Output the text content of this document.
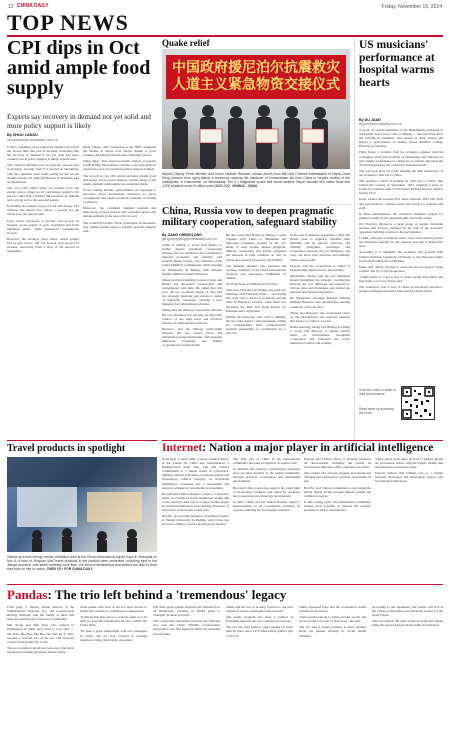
12 CHINA DAILY	Friday, November 15, 2024
TOP NEWS
CPI dips in Oct amid ample food supply
Experts say recovery in demand not yet solid and more policy support is likely
By ZHOU LANXU
zhoulanxu@chinadaily.com.cn

China's consumer prices registered negative growth in the second time this year in October, indicating that the recovery in demand is not yet solid and more countercyclical policy support is likely, experts said.

The country's inflation rose 0.3 percent year-on-year in October, slowing from 0.4 percent in September, with the consumer price index easing for the second straight month, the National Bureau of Statistics said on Wednesday.

The core CPI, which strips out volatile food and energy prices, edged up 0.2 percentage points to 0.2 percent, reflecting a limited improvement in demand and a strong end to the seasonal pattern.

Excluding the sample prices of food and energy, CPI inflation has stayed low, below 1 percent for the whole year, the bureau said.

Food prices decreased 6 percent year-on-year in October, as the supply of pork, vegetables and fruits remained ample while household consumption slowed.

However, the producer price index, which gauges factory-gate prices, fell 2.9 percent year-on-year in October, narrowing from a drop of 2.8 percent in September.

Dong Lijuan, chief statistician at the NBS, attributed the decline to ample food supply thanks to good weather and falling international commodity prices.

Wang Qing, chief macroeconomic analyst at Golden Credit Rating International, said the core price index is expected to stay low and more policy support is likely.

The growth in core CPI, which excludes volatile food and energy prices and is deemed a better gauge of the supply-demand relationship, has remained stable.

In the coming months, policymakers are expected to introduce more incremental measures to boost consumption and expand domestic demand, according to analysts.

Moreover, the continued sluggish demand and destocking pressure indicate that consumer prices will remain subdued in the near term, he said.

The Central Economic Work Conference in December may outline further steps to stabilize growth, analysts said.

Quake relief
中国政府援尼泊尔抗震救灾
人道主义紧急物资交接仪式
Nepal's Deputy Prime Minister and Home Minister Ramesh Lekhak (fourth from left) and Chinese Ambassador to Nepal Chen Song (second from right) attend a ceremony marking the handover of humanitarian aid from China to Nepal's victims of the earthquake, in Kathmandu, on Wednesday. The 5.7-magnitude quake that struck western Nepal includes 500 cotton tents and 4,000 blankets worth 5 million yuan ($686,000). XINHUA - YUAN
China, Russia vow to deepen pragmatic military cooperation, safeguard stability
By JIANG CHENGLONG
jiangchenglong@chinadaily.com.cn

China is willing to work with Russia to further deepen pragmatic cooperation between the two militaries and contribute to regional prosperity and stability, said General Zhang Youxia, vice-chairman of the Central Military Commission, while meeting on Wednesday in Beijing with Russian Defense Minister Andrei Belousov.

Zhang said the friendship between China and Russia has developed continuously and strengthened with time. He added that this year, the two countries' heads of state had two strategic meetings and reached a series of important consensus, charting a new blueprint for China-Russia relations.

Zhang said the military cooperation between the two militaries has become an important symbol of the high level and practical features of China-Russia relations.

Belousov said the military relationship between the two armed forces has maintained strong momentum, with frequent high-level exchanges and fruitful cooperation in various fields.

He also noted that Russia is willing to work together with China to implement the important consensus reached by the two heads of state, further deepen pragmatic military cooperation and jointly safeguard the interests of both countries as well as global and regional prosperity and stability.

The Russian minister also attended the opening ceremony of the China International Aviation and Aerospace Exhibition in Zhuhai.

Xu Pengcheng contributed to this story.

This year, President Xi Jinping has held two meetings with President Putin — one during Xi's state visit to Moscow in March, and the other in Beijing in October, when Putin was attending the Belt and Road Forum for International Cooperation.

During the three-day state visit to Beijing, the two sides signed a joint statement, calling for strengthening their comprehensive strategic partnership of coordination for a new era.

In the area of defense cooperation, China and Russia plan to regularly organize joint maritime and air patrols, exercises and training, strengthen exchanges and cooperation between the two militaries, and carry out more joint exercises and training, Senior experts said.

Experts said the cooperation is aimed at safeguarding regional peace and stability.

Meanwhile, Zhang said the two militaries should strengthen the strategic coordination between the two militaries and respond to various risks and challenges, and defend the international fairness and justice.

On Wednesday morning, Russian Defense Minister Belousov also attended the opening ceremony of the air show.

Zhang and Belousov also exchanged views on the international and regional situation and issues of common concern.

In that meeting, Zhang said Beijing is willing to work with Moscow to handle various kinds of uncertainties, strengthen cooperation and safeguard the world multipolar balance and stability.

US musicians' performance at hospital warms hearts
By DU JUAN
dujuan@chinadaily.com.cn

A group of veteran members of the Philadelphia Orchestra of the United States have come to Beijing — the first time since the COVID-19 pandemic, and several of them visited and played a performance at Peking Union Medical College Hospital on Tuesday.

Philip Kates, a violinist from the orchestra, together with his colleagues, visited the hospital on Wednesday and Thursday to give charity performances to bring joy to patients and reach the children inspired by the orchestra's beautiful music.

The visit took place on a date marking the 50th anniversary of the orchestra's first trip to China.

The orchestra, which is making its 13th trip to China, first visited the country in September 1973, marking a thaw in China-US relations after US President Richard Nixon's historic visit in 1972.

Kates visited the hospital five times between 2013 and 2019 and performed in common areas and wards for patients and staff.

In these performances, the orchestra's members played for patients waiting in the outpatient hall, and in the wards.

On Thursday afternoon, a large group of people, including patients and doctors, gathered in the hall of the hospital's outpatient building to listen to the performance.

Li Min, a 60-year-old patient, said it was a nice surprise to hear the musicians playing for the patients and that it helped her relax.

According to a statement, the orchestra will perform with China's National Symphony Orchestra at the National Centre for the Performing Arts in Beijing.

Kates said, 'Music belongs to everyone and we hope to bring comfort and joy to the people here.'

'I think music is a good way to make people feel better and help them to recover,' Kates said.

The orchestra's visit is part of efforts to encourage people-to-people exchanges between China and the United States.

Scan the code to listen to their performance
Read more by scanning the code
Travel products in spotlight
Visitors at a new-energy vehicle exhibition area at the China International Import Expo in Shanghai on Nov 8. A total of 'Wuyuan Visit' travel products in the pavilion were presented, including trips to the Jiangxi province, with some covering more than 100 tourism destinations and visitors are able to book their trips on site or online. CHEN YU / FOR CHINA DAILY
Internet: Nation a major player in artificial intelligence

From page 1: Andy Shih, a senior research fellow at the Center for China and Globalization, a Beijing-based think tank, said that China's commitment to a shared future in cyberspace, aligning with the principles of national respect and sovereignty, reflects integrity in worldwide intelligence consensus and a responsible and inclusive attitude for sustainable development.

He said that China's pledge to foster a cooperative future in cyberspace holds significant weight due to the country's dual role as a major market player in artificial intelligence and a leading developer of innovative technologies in this area.

Han Bo, an associate professor of political science at Peking University in Beijing, said China has shown its ability to lead in global AI governance.

The dual role of China in the international community has been recognized, as experts said.

In addition, the country's technological advances have provided benefits to the global community through practical cooperation and sustainable development.

Han said China would also support the equal right of developing countries, and called for openness and cooperation in technology development.

In 2023, China and the United Nations signed a memorandum on AI cooperation, focusing on capacity-building for developing countries.

Experts said China's efforts to promote inclusive AI development, including the Global AI Governance Initiative, offer a reference for others.

The country also actively engages in international dialogue and exchanges to promote responsible AI use.

Han Bo said China is committed to narrowing the global digital divide through mutual benefit and common progress.

In the coming years, the international community should work together to harness the positive potential of AI for development.

'China offers fresh ideas on how to address global AI governance issues,' said the expert, adding that international cooperation is key.

Experts believe that China's role as a bridge between developed and developing nations will become more important.

Pandas: The trio left behind a 'tremendous' legacy

From page 1: Smarlo Smith, director of the Smithsonian's National Zoo and Conservation Biology Institute, said the family of three had been an essential part of the zoo's community.

Mei Xiang and Tian Tian, who arrived in Washington in 2000, gave birth to four cubs — Tai Shan, Bao Bao, Bei Bei and Xiao Qi Ji. They became a beloved part of the zoo and attracted visitors from around the world.

The zoo's panda program has been one of the most successful breeding programs outside China.

Giant panda cubs born at the zoo have moved to China and continue to contribute to conservation.

'It will be that they have to wait the same as I do until we have this information for sure,' Smith told China Daily.

'It's been a great relationship with our colleagues in China, and we look forward to working together to bring them back,' she added.

The three giant pandas departed the National Zoo on Wednesday, traveling by FedEx plane to Chengdu, Sichuan province.

The cooperation agreement between the National Zoo and the China Wildlife Conservation Association was first signed in 2000 and extended several times.

Smith said the zoo is looking forward to the next chapter of panda conservation and research.

The panda program has been a symbol of friendship between the two countries for decades.

The zoo has been home to giant pandas for more than 50 years, since 1972 when China gifted a pair to the US.

Smith expressed hope that the cooperation would continue in the future.

'Giant pandas belong to China and the world, and we are proud to be part of their story,' she said.

The zoo said it would continue to share updates about the pandas through its social media channels.

According to the agreement, the pandas will live at the China Conservation and Research Center for the Giant Panda.

Since its launch, the giant panda program has helped bring the species back from the brink of extinction.
